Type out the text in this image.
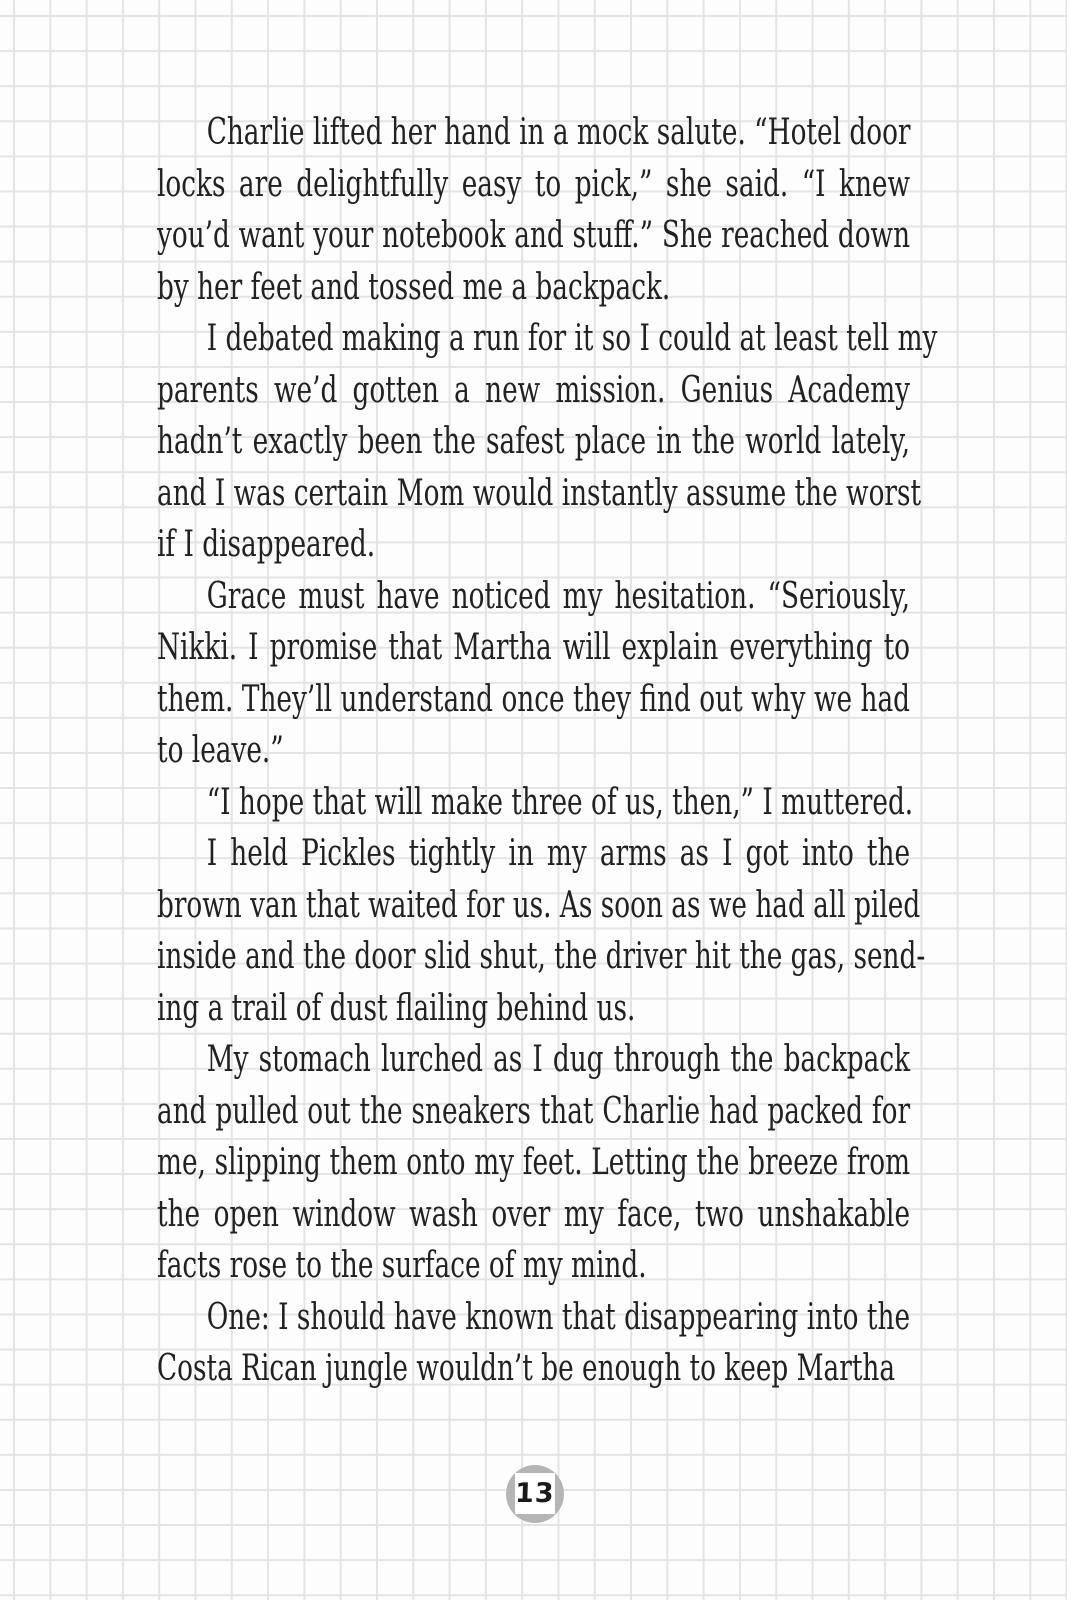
Charlie lifted her hand in a mock salute. “Hotel door
locks are delightfully easy to pick,” she said. “I knew
you’d want your notebook and stuff.” She reached down
by her feet and tossed me a backpack.
I debated making a run for it so I could at least tell my
parents we’d gotten a new mission. Genius Academy
hadn’t exactly been the safest place in the world lately,
and I was certain Mom would instantly assume the worst
if I disappeared.
Grace must have noticed my hesitation. “Seriously,
Nikki. I promise that Martha will explain everything to
them. They’ll understand once they find out why we had
to leave.”
“I hope that will make three of us, then,” I muttered.
I held Pickles tightly in my arms as I got into the
brown van that waited for us. As soon as we had all piled
inside and the door slid shut, the driver hit the gas, send-
ing a trail of dust flailing behind us.
My stomach lurched as I dug through the backpack
and pulled out the sneakers that Charlie had packed for
me, slipping them onto my feet. Letting the breeze from
the open window wash over my face, two unshakable
facts rose to the surface of my mind.
One: I should have known that disappearing into the
Costa Rican jungle wouldn’t be enough to keep Martha
13
